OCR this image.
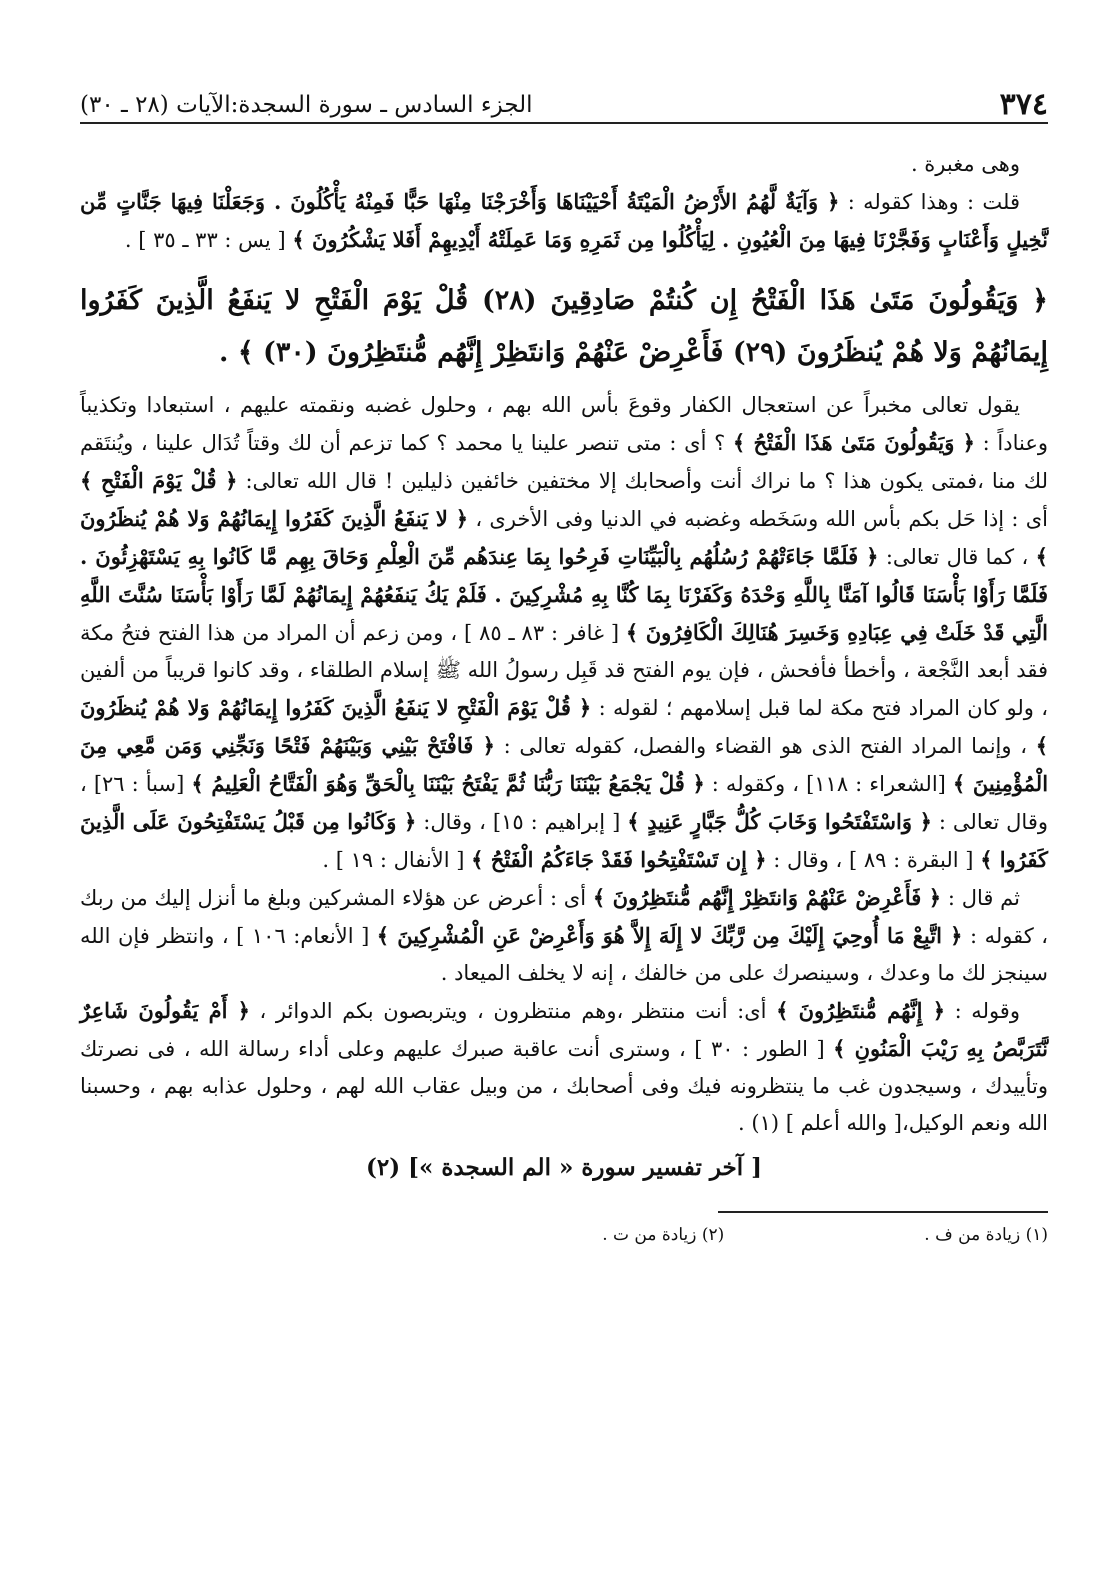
٣٧٤
الجزء السادس ـ سورة السجدة:الآيات (٢٨ ـ ٣٠)

وهى مغبرة .

قلت : وهذا كقوله : ﴿ وَآيَةٌ لَّهُمُ الأَرْضُ الْمَيْتَةُ أَحْيَيْنَاهَا وَأَخْرَجْنَا مِنْهَا حَبًّا فَمِنْهُ يَأْكُلُونَ . وَجَعَلْنَا فِيهَا جَنَّاتٍ مِّن نَّخِيلٍ وَأَعْنَابٍ وَفَجَّرْنَا فِيهَا مِنَ الْعُيُونِ . لِيَأْكُلُوا مِن ثَمَرِهِ وَمَا عَمِلَتْهُ أَيْدِيهِمْ أَفَلا يَشْكُرُونَ ﴾ [ يس : ٣٣ ـ ٣٥ ] .

﴿ وَيَقُولُونَ مَتَىٰ هَذَا الْفَتْحُ إِن كُنتُمْ صَادِقِينَ (٢٨) قُلْ يَوْمَ الْفَتْحِ لا يَنفَعُ الَّذِينَ كَفَرُوا إِيمَانُهُمْ وَلا هُمْ يُنظَرُونَ (٢٩) فَأَعْرِضْ عَنْهُمْ وَانتَظِرْ إِنَّهُم مُّنتَظِرُونَ (٣٠) ﴾ .

يقول تعالى مخبراً عن استعجال الكفار وقوعَ بأس الله بهم ، وحلول غضبه ونقمته عليهم ، استبعادا وتكذيباً وعناداً : ﴿ وَيَقُولُونَ مَتَىٰ هَذَا الْفَتْحُ ﴾ ؟ أى : متى تنصر علينا يا محمد ؟ كما تزعم أن لك وقتاً تُدَال علينا ، ويُنتَقم لك منا ،فمتى يكون هذا ؟ ما نراك أنت وأصحابك إلا مختفين خائفين ذليلين ! قال الله تعالى: ﴿ قُلْ يَوْمَ الْفَتْحِ ﴾ أى : إذا حَل بكم بأس الله وسَخَطه وغضبه في الدنيا وفى الأخرى ، ﴿ لا يَنفَعُ الَّذِينَ كَفَرُوا إِيمَانُهُمْ وَلا هُمْ يُنظَرُونَ ﴾ ، كما قال تعالى: ﴿ فَلَمَّا جَاءَتْهُمْ رُسُلُهُم بِالْبَيِّنَاتِ فَرِحُوا بِمَا عِندَهُم مِّنَ الْعِلْمِ وَحَاقَ بِهِم مَّا كَانُوا بِهِ يَسْتَهْزِئُونَ . فَلَمَّا رَأَوْا بَأْسَنَا قَالُوا آمَنَّا بِاللَّهِ وَحْدَهُ وَكَفَرْنَا بِمَا كُنَّا بِهِ مُشْرِكِينَ . فَلَمْ يَكُ يَنفَعُهُمْ إِيمَانُهُمْ لَمَّا رَأَوْا بَأْسَنَا سُنَّتَ اللَّهِ الَّتِي قَدْ خَلَتْ فِي عِبَادِهِ وَخَسِرَ هُنَالِكَ الْكَافِرُونَ ﴾ [ غافر : ٨٣ ـ ٨٥ ] ، ومن زعم أن المراد من هذا الفتح فتحُ مكة فقد أبعد النَّجْعة ، وأخطأ فأفحش ، فإن يوم الفتح قد قَبِل رسولُ الله ﷺ إسلام الطلقاء ، وقد كانوا قريباً من ألفين ، ولو كان المراد فتح مكة لما قبل إسلامهم ؛ لقوله : ﴿ قُلْ يَوْمَ الْفَتْحِ لا يَنفَعُ الَّذِينَ كَفَرُوا إِيمَانُهُمْ وَلا هُمْ يُنظَرُونَ ﴾ ، وإنما المراد الفتح الذى هو القضاء والفصل، كقوله تعالى : ﴿ فَافْتَحْ بَيْنِي وَبَيْنَهُمْ فَتْحًا وَنَجِّنِي وَمَن مَّعِي مِنَ الْمُؤْمِنِينَ ﴾ [الشعراء : ١١٨] ، وكقوله : ﴿ قُلْ يَجْمَعُ بَيْنَنَا رَبُّنَا ثُمَّ يَفْتَحُ بَيْنَنَا بِالْحَقِّ وَهُوَ الْفَتَّاحُ الْعَلِيمُ ﴾ [سبأ : ٢٦] ، وقال تعالى : ﴿ وَاسْتَفْتَحُوا وَخَابَ كُلُّ جَبَّارٍ عَنِيدٍ ﴾ [ إبراهيم : ١٥] ، وقال: ﴿ وَكَانُوا مِن قَبْلُ يَسْتَفْتِحُونَ عَلَى الَّذِينَ كَفَرُوا ﴾ [ البقرة : ٨٩ ] ، وقال : ﴿ إِن تَسْتَفْتِحُوا فَقَدْ جَاءَكُمُ الْفَتْحُ ﴾ [ الأنفال : ١٩ ] .

ثم قال : ﴿ فَأَعْرِضْ عَنْهُمْ وَانتَظِرْ إِنَّهُم مُّنتَظِرُونَ ﴾ أى : أعرض عن هؤلاء المشركين وبلغ ما أنزل إليك من ربك ، كقوله : ﴿ اتَّبِعْ مَا أُوحِيَ إِلَيْكَ مِن رَّبِّكَ لا إِلَهَ إِلاَّ هُوَ وَأَعْرِضْ عَنِ الْمُشْرِكِينَ ﴾ [ الأنعام: ١٠٦ ] ، وانتظر فإن الله سينجز لك ما وعدك ، وسينصرك على من خالفك ، إنه لا يخلف الميعاد .

وقوله : ﴿ إِنَّهُم مُّنتَظِرُونَ ﴾ أى: أنت منتظر ،وهم منتظرون ، ويتربصون بكم الدوائر ، ﴿ أَمْ يَقُولُونَ شَاعِرٌ نَّتَرَبَّصُ بِهِ رَيْبَ الْمَنُونِ ﴾ [ الطور : ٣٠ ] ، وسترى أنت عاقبة صبرك عليهم وعلى أداء رسالة الله ، فى نصرتك وتأييدك ، وسيجدون غب ما ينتظرونه فيك وفى أصحابك ، من وبيل عقاب الله لهم ، وحلول عذابه بهم ، وحسبنا الله ونعم الوكيل،[ والله أعلم ] (١) .

[ آخر تفسير سورة « الم السجدة »] (٢)
(١) زيادة من ف .
(٢) زيادة من ت .
